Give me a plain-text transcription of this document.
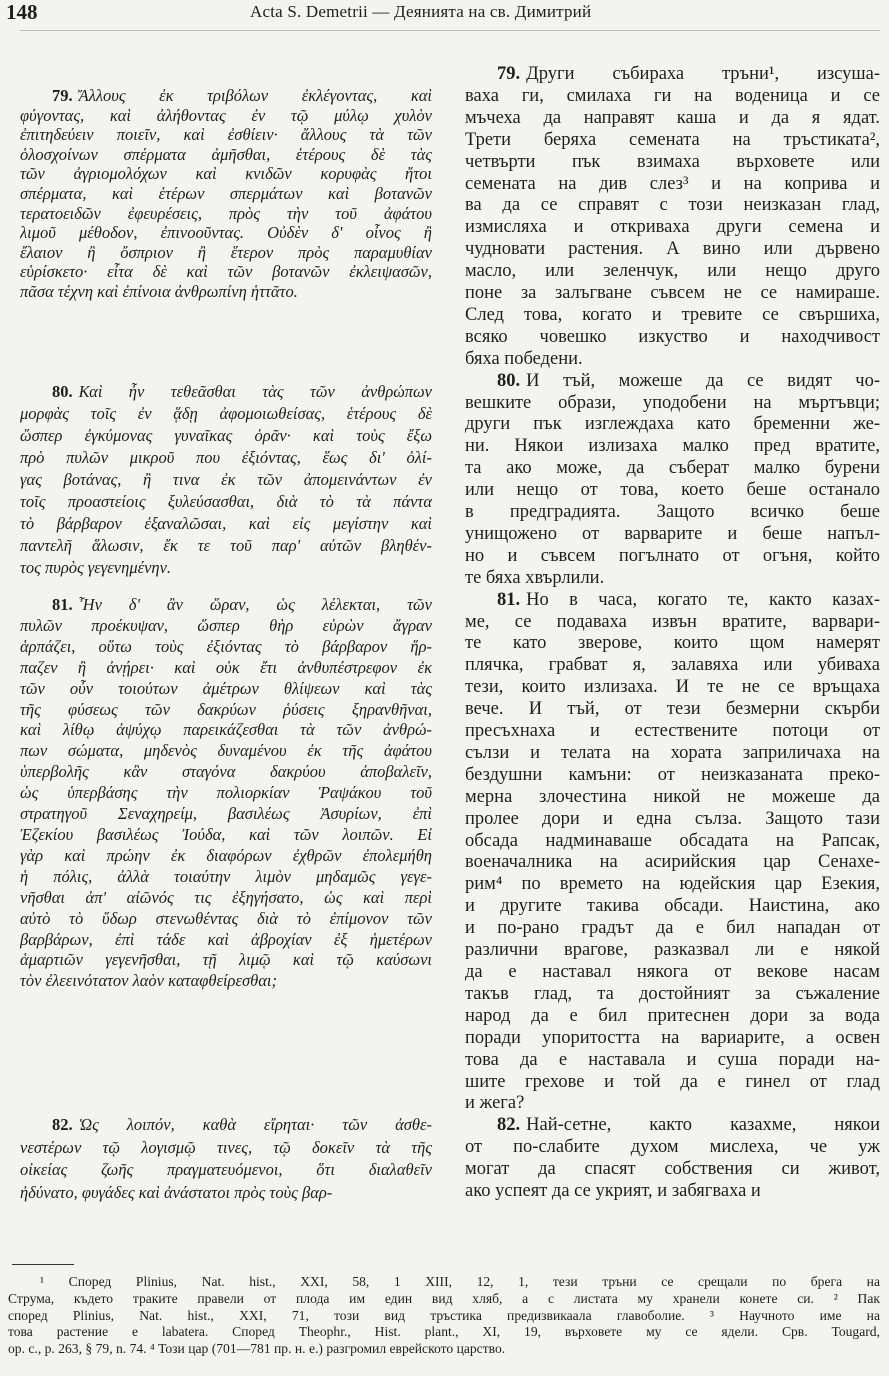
148	Acta S. Demetrii — Деянията на св. Димитрий
79. Ἄλλους ἐκ τριβόλων ἐκλέγοντας, καὶ
φύγοντας, καὶ ἀλήθοντας ἐν τῷ μύλῳ χυλὸν
ἐπιτηδεύειν ποιεῖν, καὶ ἐσθίειν· ἄλλους τὰ τῶν
ὁλοσχοίνων σπέρματα ἀμῆσθαι, ἑτέρους δὲ τὰς
τῶν ἀγριομολόχων καὶ κνιδῶν κορυφὰς ἤτοι
σπέρματα, καὶ ἑτέρων σπερμάτων καὶ βοτανῶν
τερατοειδῶν ἐφευρέσεις, πρὸς τὴν τοῦ ἀφάτου
λιμοῦ μέθοδον, ἐπινοοῦντας. Οὐδὲν δ' οἶνος ἢ
ἔλαιον ἢ ὄσπριον ἢ ἕτερον πρὸς παραμυθίαν
εὑρίσκετο· εἶτα δὲ καὶ τῶν βοτανῶν ἐκλειψασῶν,
πᾶσα τέχνη καὶ ἐπίνοια ἀνθρωπίνη ἡττᾶτο.
80. Καὶ ἦν τεθεᾶσθαι τὰς τῶν ἀνθρώπων
μορφὰς τοῖς ἐν ᾅδῃ ἀφομοιωθείσας, ἑτέρους δὲ
ὥσπερ ἐγκύμονας γυναῖκας ὁρᾶν· καὶ τοὺς ἔξω
πρὸ πυλῶν μικροῦ που ἐξιόντας, ἕως δι' ὀλί-
γας βοτάνας, ἢ τινα ἐκ τῶν ἀπομεινάντων ἐν
τοῖς προαστείοις ξυλεύσασθαι, διὰ τὸ τὰ πάντα
τὸ βάρβαρον ἐξαναλῶσαι, καὶ εἰς μεγίστην καὶ
παντελῆ ἅλωσιν, ἔκ τε τοῦ παρ' αὐτῶν βληθέν-
τος πυρὸς γεγενημένην.
81. Ἦν δ' ἂν ὥραν, ὡς λέλεκται, τῶν
πυλῶν προέκυψαν, ὥσπερ θὴρ εὑρὼν ἄγραν
ἁρπάζει, οὕτω τοὺς ἐξιόντας τὸ βάρβαρον ἥρ-
παζεν ἢ ἀνῄρει· καὶ οὐκ ἔτι ἀνθυπέστρεφον ἐκ
τῶν οὖν τοιούτων ἀμέτρων θλίψεων καὶ τὰς
τῆς φύσεως τῶν δακρύων ῥύσεις ξηρανθῆναι,
καὶ λίθῳ ἀψύχῳ παρεικάζεσθαι τὰ τῶν ἀνθρώ-
πων σώματα, μηδενὸς δυναμένου ἐκ τῆς ἀφάτου
ὑπερβολῆς κἂν σταγόνα δακρύου ἀποβαλεῖν,
ὡς ὑπερβάσης τὴν πολιορκίαν Ῥαψάκου τοῦ
στρατηγοῦ Σεναχηρείμ, βασιλέως Ἀσυρίων, ἐπὶ
Ἐζεκίου βασιλέως Ἰούδα, καὶ τῶν λοιπῶν. Εἰ
γὰρ καὶ πρώην ἐκ διαφόρων ἐχθρῶν ἐπολεμήθη
ἡ πόλις, ἀλλὰ τοιαύτην λιμὸν μηδαμῶς γεγε-
νῆσθαι ἀπ' αἰῶνός τις ἐξηγήσατο, ὡς καὶ περὶ
αὐτὸ τὸ ὕδωρ στενωθέντας διὰ τὸ ἐπίμονον τῶν
βαρβάρων, ἐπὶ τάδε καὶ ἀβροχίαν ἐξ ἡμετέρων
ἁμαρτιῶν γεγενῆσθαι, τῇ λιμῷ καὶ τῷ καύσωνι
τὸν ἐλεεινότατον λαὸν καταφθείρεσθαι;
82. Ὡς λοιπόν, καθὰ εἴρηται· τῶν ἀσθε-
νεστέρων τῷ λογισμῷ τινες, τῷ δοκεῖν τὰ τῆς
οἰκείας ζωῆς πραγματευόμενοι, ὅτι διαλαθεῖν
ἠδύνατο, φυγάδες καὶ ἀνάστατοι πρὸς τοὺς βαρ-
79. Други събираха тръни¹, изсуша-
ваха ги, смилаха ги на воденица и се
мъчеха да направят каша и да я ядат.
Трети беряха семената на тръстиката²,
четвърти пък взимаха върховете или
семената на див слез³ и на коприва и
ва да се справят с този неизказан глад,
измисляха и откриваха други семена и
чудновати растения. А вино или дървено
масло, или зеленчук, или нещо друго
поне за залъгване съвсем не се намираше.
След това, когато и тревите се свършиха,
всяко човешко изкуство и находчивост
бяха победени.
80. И тъй, можеше да се видят чо-
вешките образи, уподобени на мъртъвци;
други пък изглеждаха като бременни же-
ни. Някои излизаха малко пред вратите,
та ако може, да съберат малко бурени
или нещо от това, което беше останало
в предградията. Защото всичко беше
унищожено от варварите и беше напъл-
но и съвсем погълнато от огъня, който
те бяха хвърлили.
81. Но в часа, когато те, както казах-
ме, се подаваха извън вратите, варвари-
те като зверове, които щом намерят
плячка, грабват я, залавяха или убиваха
тези, които излизаха. И те не се връщаха
вече. И тъй, от тези безмерни скърби
пресъхнаха и естествените потоци от
сълзи и телата на хората заприличаха на
бездушни камъни: от неизказаната преко-
мерна злочестина никой не можеше да
пролее дори и една сълза. Защото тази
обсада надминаваше обсадата на Рапсак,
военачалника на асирийския цар Сенахе-
рим⁴ по времето на юдейския цар Езекия,
и другите такива обсади. Наистина, ако
и по-рано градът да е бил нападан от
различни врагове, разказвал ли е някой
да е наставал някога от векове насам
такъв глад, та достойният за съжаление
народ да е бил притеснен дори за вода
поради упоритостта на вариарите, а освен
това да е наставала и суша поради на-
шите грехове и той да е гинел от глад
и жега?
82. Най-сетне, както казахме, някои
от по-слабите духом мислеха, че уж
могат да спасят собствения си живот,
ако успеят да се укрият, и забягваха и
¹ Според Plinius, Nat. hist., XXI, 58, 1 XIII, 12, 1, тези тръни се срещали по брега на
Струма, където траките правели от плода им един вид хляб, а с листата му хранели конете си. ² Пак
според Plinius, Nat. hist., XXI, 71, този вид тръстика предизвикаала главоболие. ³ Научното име на
това растение е labatera. Според Theophr., Hist. plant., XI, 19, върховете му се ядели. Срв. Tougard,
op. c., p. 263, § 79, n. 74. ⁴ Този цар (701—781 пр. н. е.) разгромил еврейското царство.
